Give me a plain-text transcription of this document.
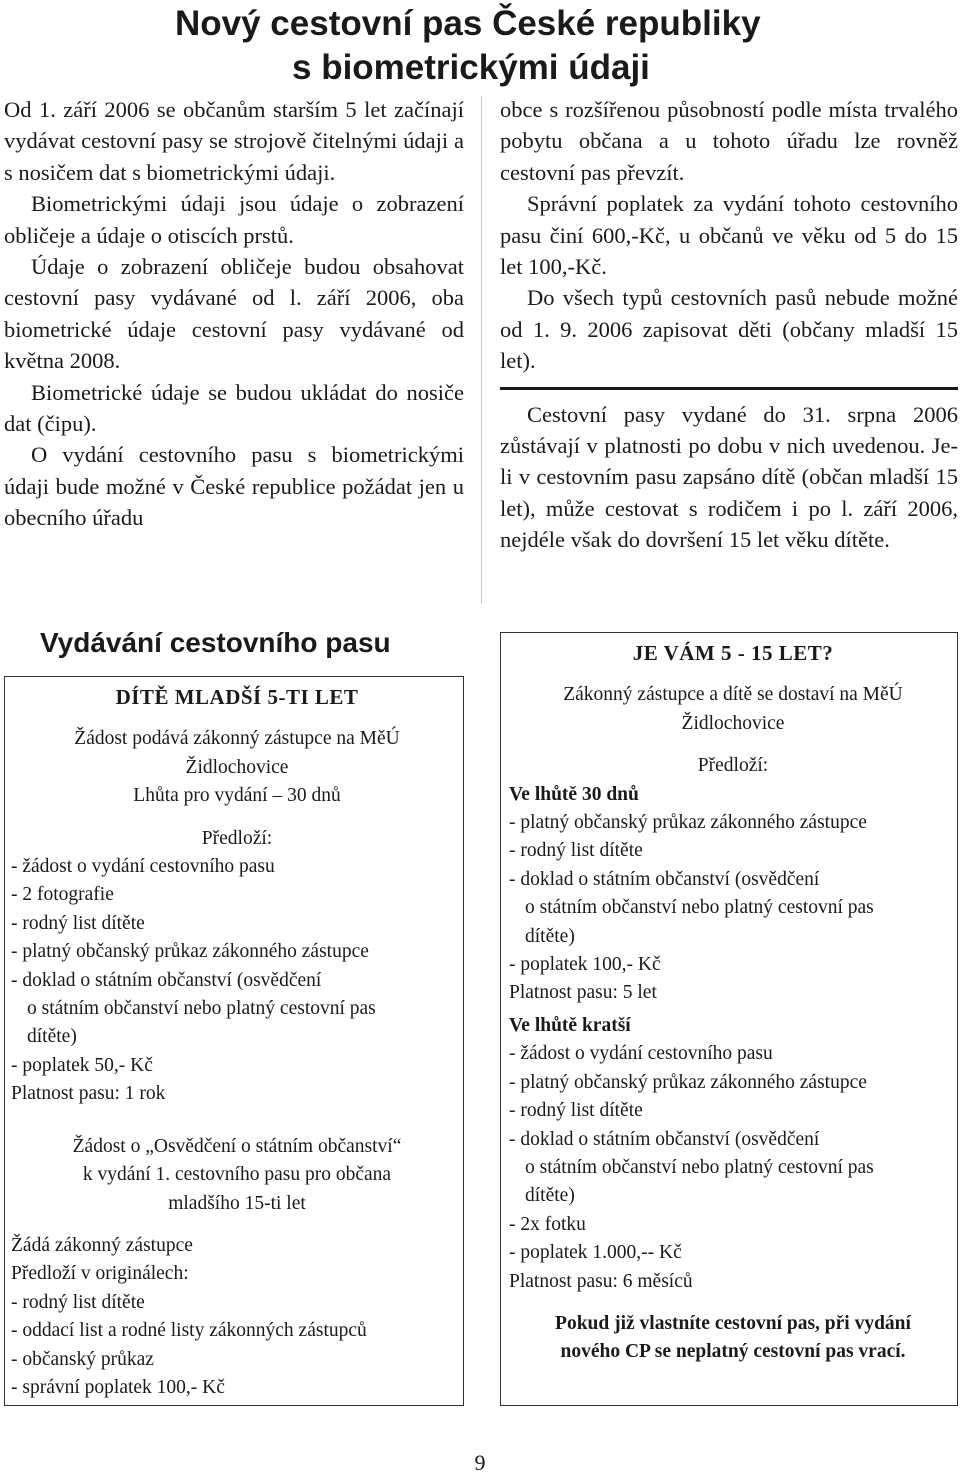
Nový cestovní pas České republiky
s biometrickými údaji

Od 1. září 2006 se občanům starším 5 let začínají vydávat cestovní pasy se strojově čitelnými údaji a s nosičem dat s biometrickými údaji.

Biometrickými údaji jsou údaje o zobrazení obličeje a údaje o otiscích prstů.

Údaje o zobrazení obličeje budou obsahovat cestovní pasy vydávané od l. září 2006, oba biometrické údaje cestovní pasy vydávané od května 2008.

Biometrické údaje se budou ukládat do nosiče dat (čipu).

O vydání cestovního pasu s biometrickými údaji bude možné v České republice požádat jen u obecního úřadu

obce s rozšířenou působností podle místa trvalého pobytu občana a u tohoto úřadu lze rovněž cestovní pas převzít.

Správní poplatek za vydání tohoto cestovního pasu činí 600,-Kč, u občanů ve věku od 5 do 15 let 100,-Kč.

Do všech typů cestovních pasů nebude možné od 1. 9. 2006 zapisovat děti (občany mladší 15 let).

Cestovní pasy vydané do 31. srpna 2006 zůstávají v platnosti po dobu v nich uvedenou. Je-li v cestovním pasu zapsáno dítě (občan mladší 15 let), může cestovat s rodičem i po l. září 2006, nejdéle však do dovršení 15 let věku dítěte.

Vydávání cestovního pasu
DÍTĚ MLADŠÍ 5-TI LET
Žádost podává zákonný zástupce na MěÚ
Židlochovice
Lhůta pro vydání – 30 dnů
Předloží:
- žádost o vydání cestovního pasu
- 2 fotografie
- rodný list dítěte
- platný občanský průkaz zákonného zástupce
- doklad o státním občanství (osvědčení
o státním občanství nebo platný cestovní pas
dítěte)
- poplatek 50,- Kč
Platnost pasu: 1 rok
Žádost o „Osvědčení o státním občanství“
k vydání 1. cestovního pasu pro občana
mladšího 15-ti let
Žádá zákonný zástupce
Předloží v originálech:
- rodný list dítěte
- oddací list a rodné listy zákonných zástupců
- občanský průkaz
- správní poplatek 100,- Kč
JE VÁM 5 - 15 LET?
Zákonný zástupce a dítě se dostaví na MěÚ
Židlochovice
Předloží:
Ve lhůtě 30 dnů
- platný občanský průkaz zákonného zástupce
- rodný list dítěte
- doklad o státním občanství (osvědčení
o státním občanství nebo platný cestovní pas
dítěte)
- poplatek 100,- Kč
Platnost pasu: 5 let
Ve lhůtě kratší
- žádost o vydání cestovního pasu
- platný občanský průkaz zákonného zástupce
- rodný list dítěte
- doklad o státním občanství (osvědčení
o státním občanství nebo platný cestovní pas
dítěte)
- 2x fotku
- poplatek 1.000,-- Kč
Platnost pasu: 6 měsíců
Pokud již vlastníte cestovní pas, při vydání
nového CP se neplatný cestovní pas vrací.
9
